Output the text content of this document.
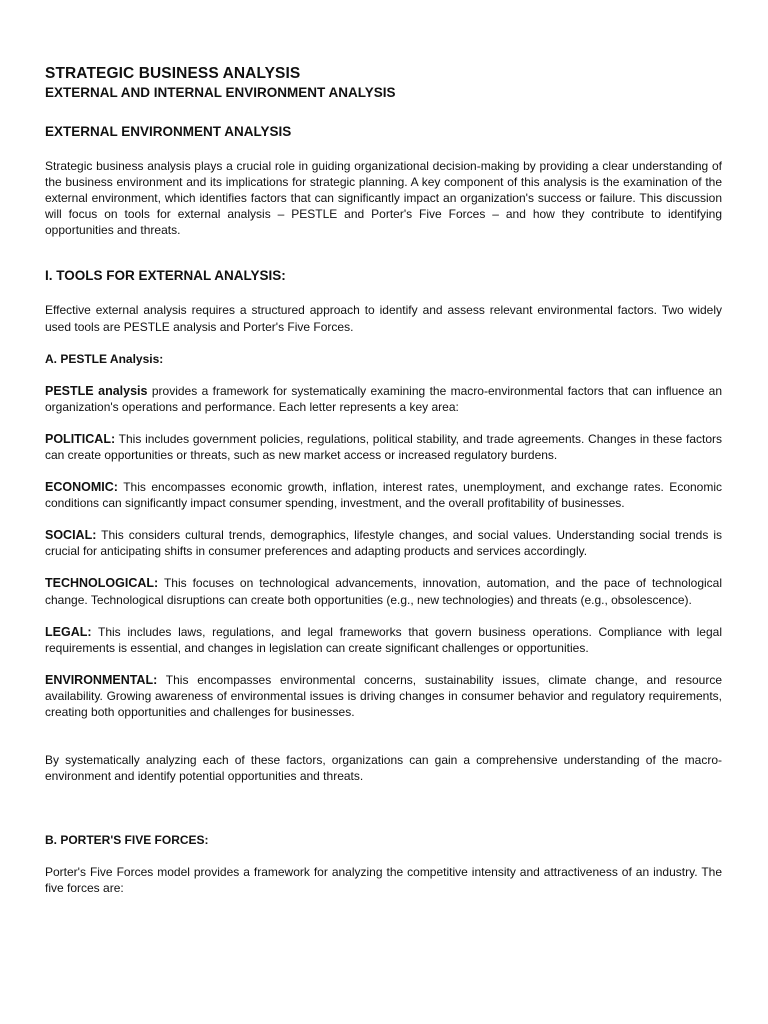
STRATEGIC BUSINESS ANALYSIS
EXTERNAL AND INTERNAL ENVIRONMENT ANALYSIS
EXTERNAL ENVIRONMENT ANALYSIS

Strategic business analysis plays a crucial role in guiding organizational decision-making by providing a clear understanding of the business environment and its implications for strategic planning. A key component of this analysis is the examination of the external environment, which identifies factors that can significantly impact an organization's success or failure. This discussion will focus on tools for external analysis – PESTLE and Porter's Five Forces – and how they contribute to identifying opportunities and threats.

I. TOOLS FOR EXTERNAL ANALYSIS:

Effective external analysis requires a structured approach to identify and assess relevant environmental factors. Two widely used tools are PESTLE analysis and Porter's Five Forces.

A. PESTLE Analysis:

PESTLE analysis provides a framework for systematically examining the macro-environmental factors that can influence an organization's operations and performance. Each letter represents a key area:

POLITICAL: This includes government policies, regulations, political stability, and trade agreements. Changes in these factors can create opportunities or threats, such as new market access or increased regulatory burdens.

ECONOMIC: This encompasses economic growth, inflation, interest rates, unemployment, and exchange rates. Economic conditions can significantly impact consumer spending, investment, and the overall profitability of businesses.

SOCIAL: This considers cultural trends, demographics, lifestyle changes, and social values. Understanding social trends is crucial for anticipating shifts in consumer preferences and adapting products and services accordingly.

TECHNOLOGICAL: This focuses on technological advancements, innovation, automation, and the pace of technological change. Technological disruptions can create both opportunities (e.g., new technologies) and threats (e.g., obsolescence).

LEGAL: This includes laws, regulations, and legal frameworks that govern business operations. Compliance with legal requirements is essential, and changes in legislation can create significant challenges or opportunities.

ENVIRONMENTAL: This encompasses environmental concerns, sustainability issues, climate change, and resource availability. Growing awareness of environmental issues is driving changes in consumer behavior and regulatory requirements, creating both opportunities and challenges for businesses.

By systematically analyzing each of these factors, organizations can gain a comprehensive understanding of the macro-environment and identify potential opportunities and threats.

B. PORTER'S FIVE FORCES:

Porter's Five Forces model provides a framework for analyzing the competitive intensity and attractiveness of an industry. The five forces are:
